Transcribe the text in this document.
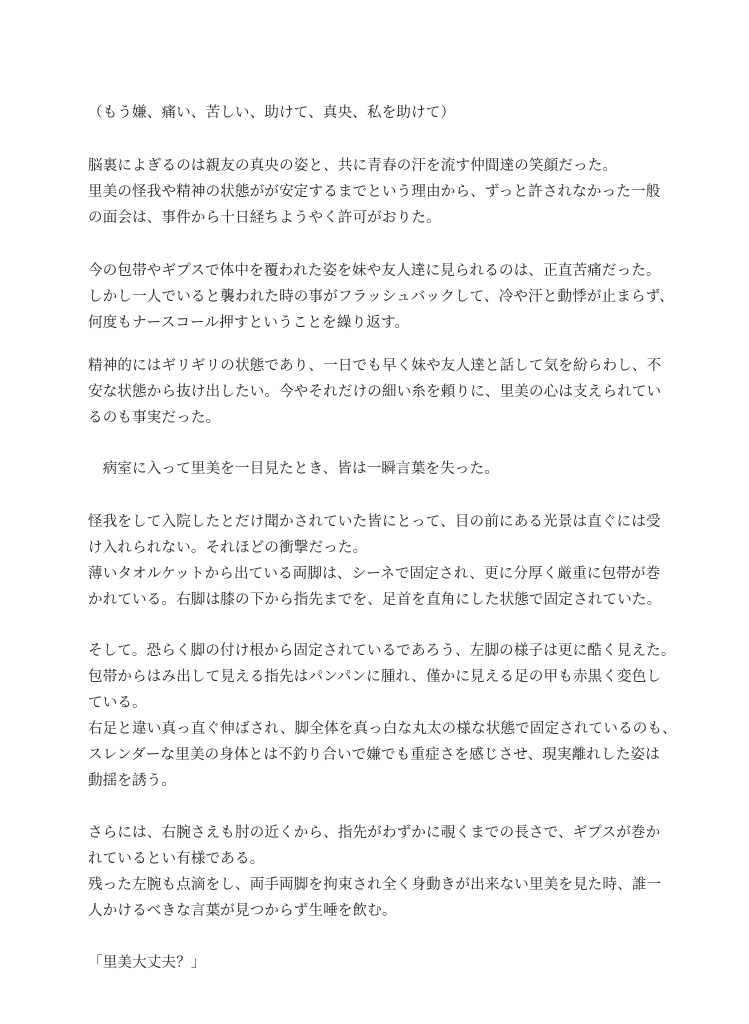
（もう嫌、痛い、苦しい、助けて、真央、私を助けて）
脳裏によぎるのは親友の真央の姿と、共に青春の汗を流す仲間達の笑顔だった。
里美の怪我や精神の状態がが安定するまでという理由から、ずっと許されなかった一般
の面会は、事件から十日経ちようやく許可がおりた。
今の包帯やギプスで体中を覆われた姿を妹や友人達に見られるのは、正直苦痛だった。
しかし一人でいると襲われた時の事がフラッシュバックして、冷や汗と動悸が止まらず、
何度もナースコール押すということを繰り返す。
精神的にはギリギリの状態であり、一日でも早く妹や友人達と話して気を紛らわし、不
安な状態から抜け出したい。今やそれだけの細い糸を頼りに、里美の心は支えられてい
るのも事実だった。
　病室に入って里美を一目見たとき、皆は一瞬言葉を失った。
怪我をして入院したとだけ聞かされていた皆にとって、目の前にある光景は直ぐには受
け入れられない。それほどの衝撃だった。
薄いタオルケットから出ている両脚は、シーネで固定され、更に分厚く厳重に包帯が巻
かれている。右脚は膝の下から指先までを、足首を直角にした状態で固定されていた。
そして。恐らく脚の付け根から固定されているであろう、左脚の様子は更に酷く見えた。
包帯からはみ出して見える指先はパンパンに腫れ、僅かに見える足の甲も赤黒く変色し
ている。
右足と違い真っ直ぐ伸ばされ、脚全体を真っ白な丸太の様な状態で固定されているのも、
スレンダーな里美の身体とは不釣り合いで嫌でも重症さを感じさせ、現実離れした姿は
動揺を誘う。
さらには、右腕さえも肘の近くから、指先がわずかに覗くまでの長さで、ギプスが巻か
れているとい有様である。
残った左腕も点滴をし、両手両脚を拘束され全く身動きが出来ない里美を見た時、誰一
人かけるべきな言葉が見つからず生唾を飲む。
「里美大丈夫？」
